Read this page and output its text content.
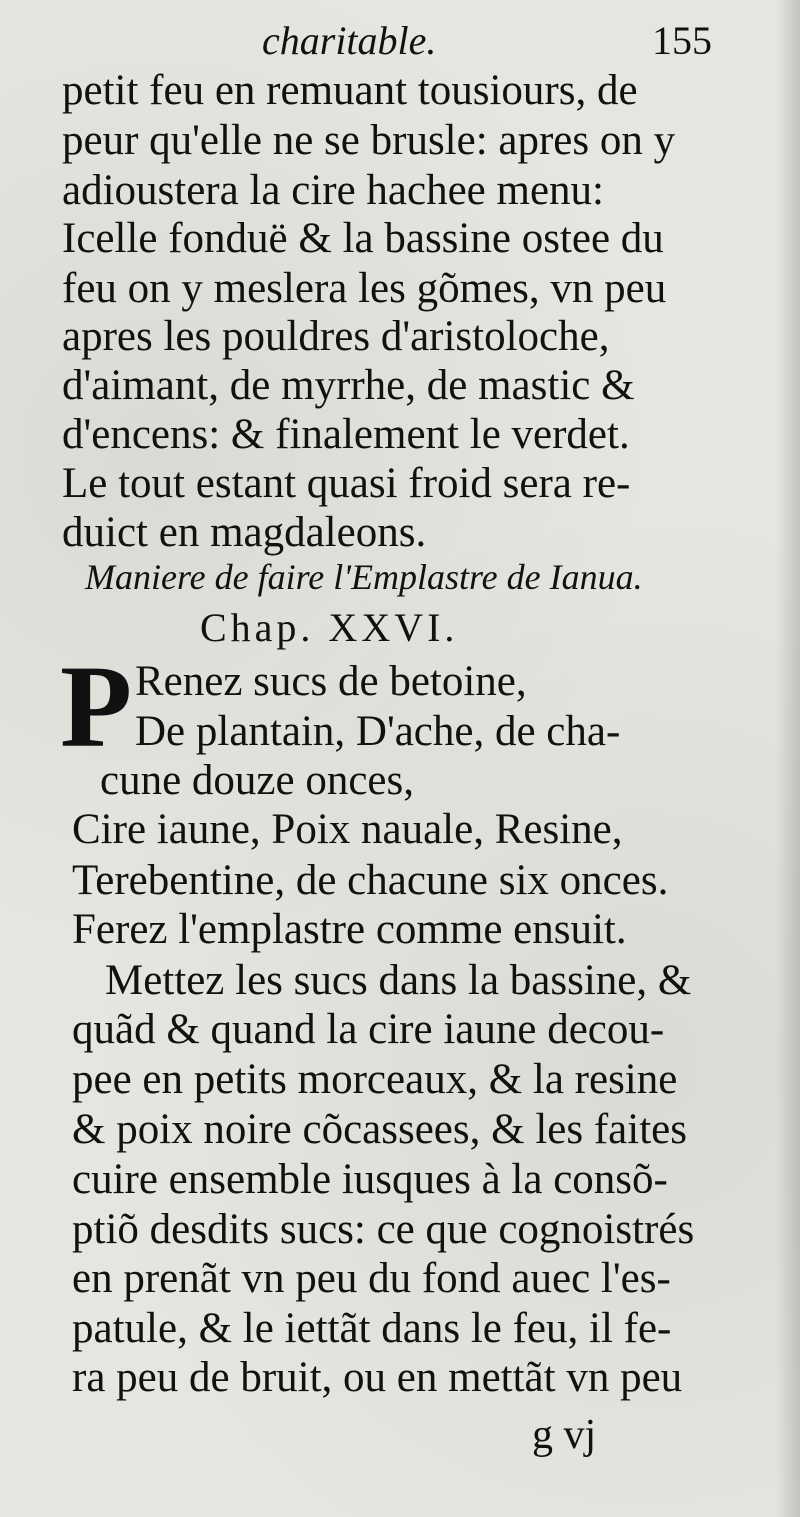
charitable.	155
petit feu en remuant tousiours, de
peur qu'elle ne se brusle: apres on y
adioustera la cire hachee menu:
Icelle fonduë & la bassine ostee du
feu on y meslera les gõmes, vn peu
apres les pouldres d'aristoloche,
d'aimant, de myrrhe, de mastic &
d'encens: & finalement le verdet.
Le tout estant quasi froid sera re-
duict en magdaleons.
Maniere de faire l'Emplastre de Ianua.
Chap. XXVI.
P Renez sucs de betoine,
De plantain, D'ache, de cha-
cune douze onces,
Cire iaune, Poix nauale, Resine,
Terebentine, de chacune six onces.
Ferez l'emplastre comme ensuit.
Mettez les sucs dans la bassine, &
quãd & quand la cire iaune decou-
pee en petits morceaux, & la resine
& poix noire cõcassees, & les faites
cuire ensemble iusques à la consõ-
ptiõ desdits sucs: ce que cognoistrés
en prenãt vn peu du fond auec l'es-
patule, & le iettãt dans le feu, il fe-
ra peu de bruit, ou en mettãt vn peu
g vj
